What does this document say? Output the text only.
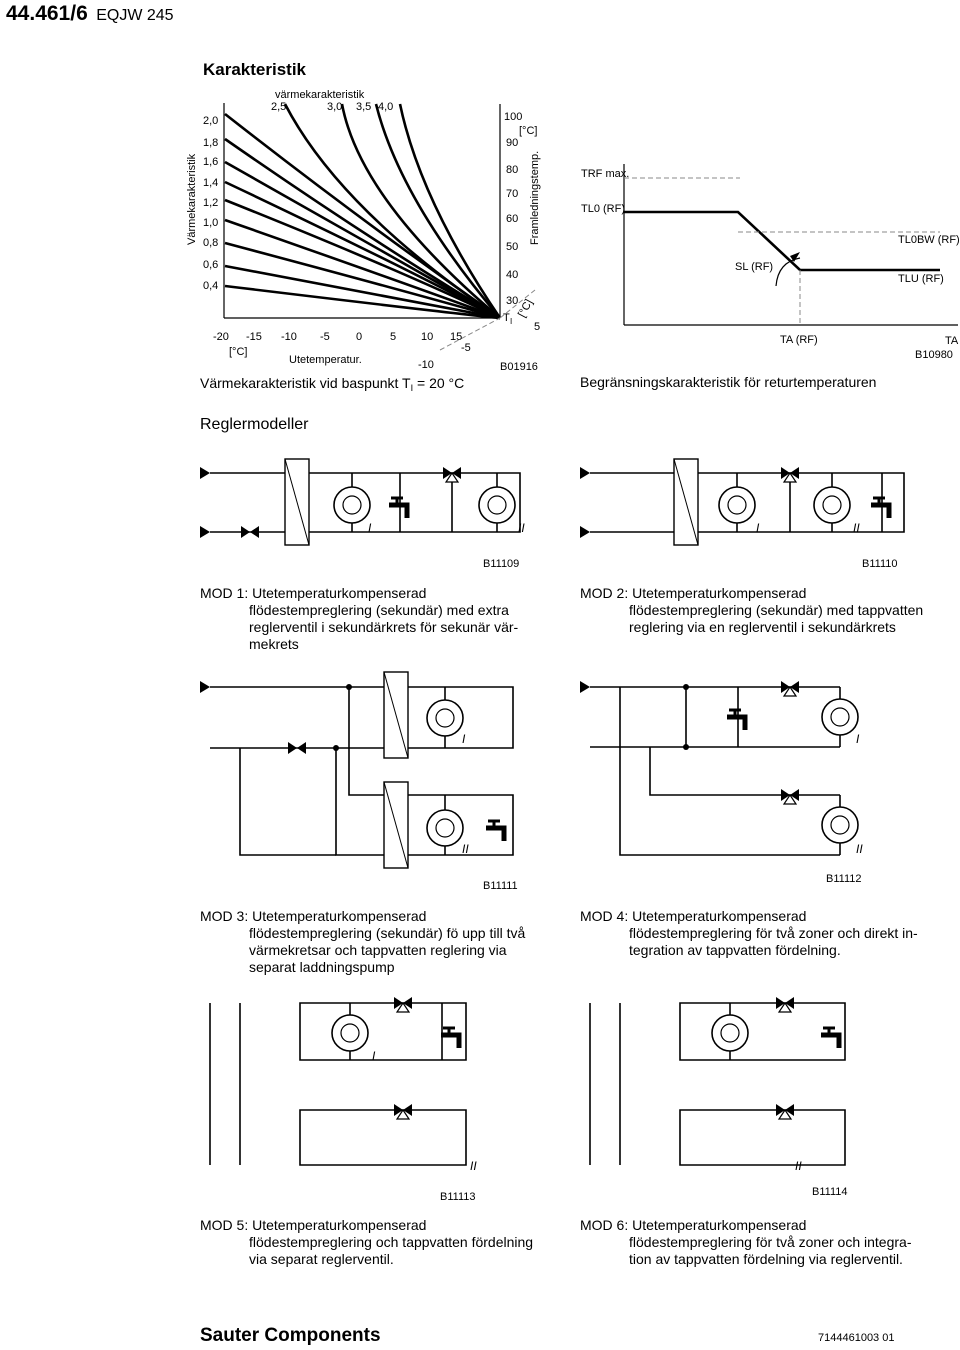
44.461/6 EQJW 245
Karakteristik
värmekarakteristik
2,5	3,0 3,5 4,0
2,0
1,8
1,6
1,4
1,2
1,0
0,8
0,6
0,4
Värmekarakteristik
100
[°C]
90
80
70
60
50
40
30
Framledningstemp.
T I
[°C]
5
-20 -15 -10 -5 0	5 10 15
[°C]	-5
Utetemperatur.	-10	B01916
Värmekarakteristik vid baspunkt $T_I = 20$ °C
TRF max.
TL0 (RF)
TL0BW (RF)
SL (RF)
TLU (RF)
TA (RF)	TA
B10980
Begränsningskarakteristik för returtemperaturen
Reglermodeller
I	II
B11109
I	II
B11110
I
II
B11111
I
II
B11112
I
II
B11113
II
B11114

MOD 1: Utetemperaturkompenserad

flödestempreglering (sekundär) med extra

reglerventil i sekundärkrets för sekunär vär-

mekrets

MOD 2: Utetemperaturkompenserad

flödestempreglering (sekundär) med tappvatten

reglering via en reglerventil i sekundärkrets

MOD 3: Utetemperaturkompenserad

flödestempreglering (sekundär) fö upp till två

värmekretsar och tappvatten reglering via

separat laddningspump

MOD 4: Utetemperaturkompenserad

flödestempreglering för två zoner och direkt in-

tegration av tappvatten fördelning.

MOD 5: Utetemperaturkompenserad

flödestempreglering och tappvatten fördelning

via separat reglerventil.

MOD 6: Utetemperaturkompenserad

flödestempreglering för två zoner och integra-

tion av tappvatten fördelning via reglerventil.

Sauter Components	7144461003 01
